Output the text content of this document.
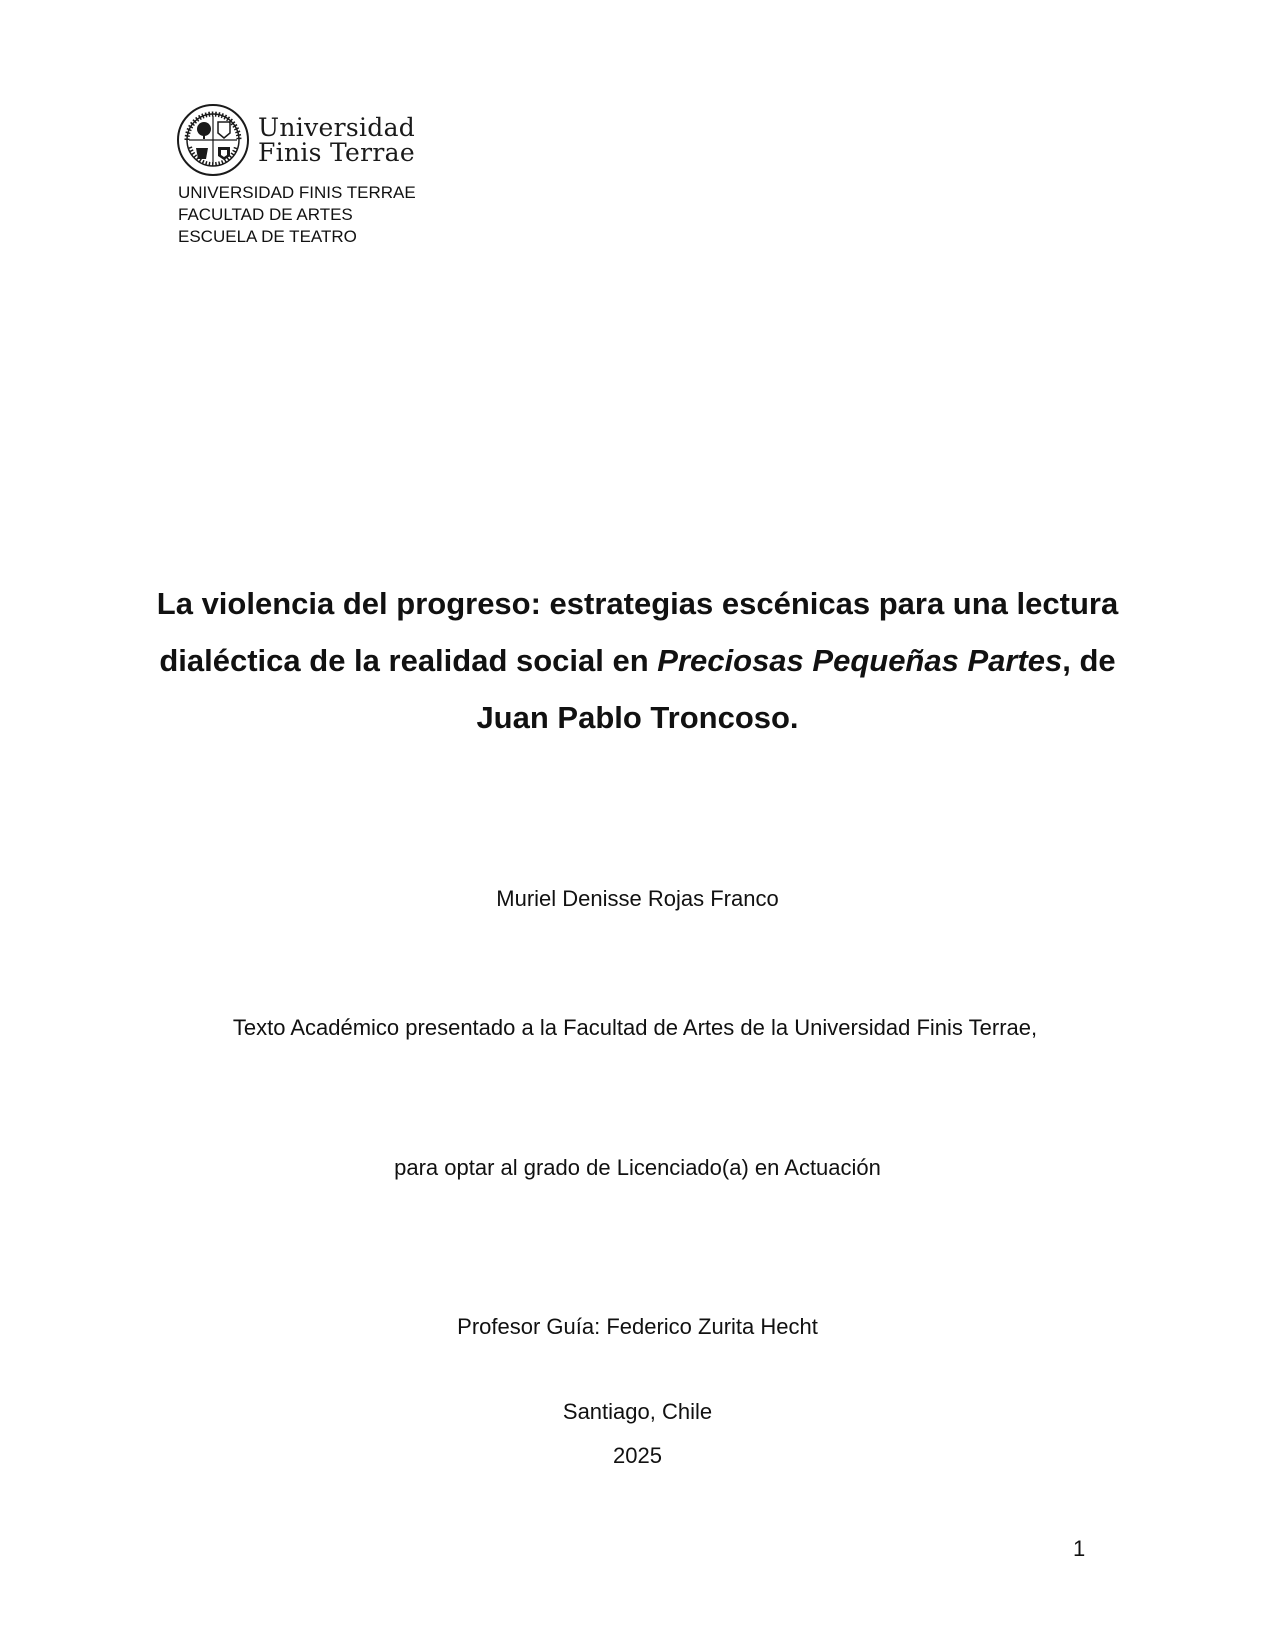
Universidad
Finis Terrae
UNIVERSIDAD FINIS TERRAE
FACULTAD DE ARTES
ESCUELA DE TEATRO
La violencia del progreso: estrategias escénicas para una lectura dialéctica de la realidad social en Preciosas Pequeñas Partes, de Juan Pablo Troncoso.
Muriel Denisse Rojas Franco
Texto Académico presentado a la Facultad de Artes de la Universidad Finis Terrae,
para optar al grado de Licenciado(a) en Actuación
Profesor Guía: Federico Zurita Hecht
Santiago, Chile
2025
1
